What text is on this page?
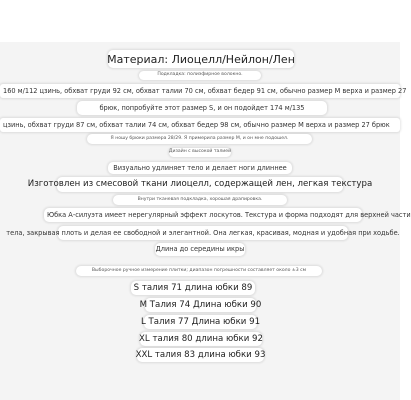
Материал: Лиоцелл/Нейлон/Лен
Подкладка: полиэфирное волокно.
160 м/112 цзинь, обхват груди 92 см, обхват талии 70 см, обхват бедер 91 см, обычно размер M верха и размер 27
брюк, попробуйте этот размер S, и он подойдет 174 м/135
цзинь, обхват груди 87 см, обхват талии 74 см, обхват бедер 98 см, обычно размер M верха и размер 27 брюк
Я ношу брюки размера 28/29. Я примерила размер M, и он мне подошел.
Дизайн с высокой талией
Визуально удлиняет тело и делает ноги длиннее
Изготовлен из смесовой ткани лиоцелл, содержащей лен, легкая текстура
Внутри тканевая подкладка, хорошая драпировка.
Юбка А-силуэта имеет нерегулярный эффект лоскутов. Текстура и форма подходят для верхней части
тела, закрывая плоть и делая ее свободной и элегантной. Она легкая, красивая, модная и удобная при ходьбе.
Длина до середины икры
Выборочное ручное измерение плитки; диапазон погрешности составляет около ±3 см
S талия 71 длина юбки 89
M Талия 74 Длина юбки 90
L Талия 77 Длина юбки 91
XL талия 80 длина юбки 92
XXL талия 83 длина юбки 93
